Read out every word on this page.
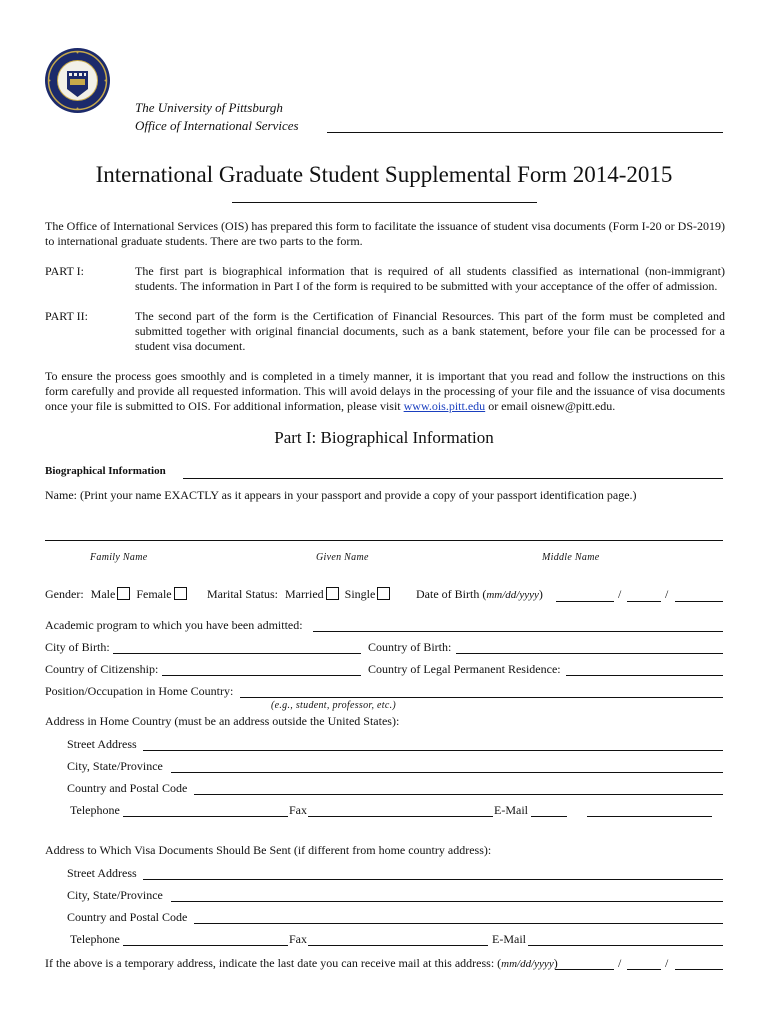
The University of Pittsburgh
Office of International Services
International Graduate Student Supplemental Form 2014-2015
The Office of International Services (OIS) has prepared this form to facilitate the issuance of student visa documents (Form I-20 or DS-2019) to international graduate students. There are two parts to the form.
PART I:	The first part is biographical information that is required of all students classified as international (non-immigrant) students. The information in Part I of the form is required to be submitted with your acceptance of the offer of admission.
PART II:	The second part of the form is the Certification of Financial Resources. This part of the form must be completed and submitted together with original financial documents, such as a bank statement, before your file can be processed for a student visa document.
To ensure the process goes smoothly and is completed in a timely manner, it is important that you read and follow the instructions on this form carefully and provide all requested information. This will avoid delays in the processing of your file and the issuance of visa documents once your file is submitted to OIS. For additional information, please visit www.ois.pitt.edu or email oisnew@pitt.edu.
Part I: Biographical Information
Biographical Information
Name: (Print your name EXACTLY as it appears in your passport and provide a copy of your passport identification page.)
Family Name	Given Name	Middle Name
Gender: Male Female	Marital Status: Married Single	Date of Birth (mm/dd/yyyy)	/	/
Academic program to which you have been admitted:
City of Birth:	Country of Birth:
Country of Citizenship:	Country of Legal Permanent Residence:
Position/Occupation in Home Country:
(e.g., student, professor, etc.)
Address in Home Country (must be an address outside the United States):
Street Address
City, State/Province
Country and Postal Code
Telephone	Fax	E-Mail
Address to Which Visa Documents Should Be Sent (if different from home country address):
Street Address
City, State/Province
Country and Postal Code
Telephone	Fax	E-Mail
If the above is a temporary address, indicate the last date you can receive mail at this address: (mm/dd/yyyy)	/	/
